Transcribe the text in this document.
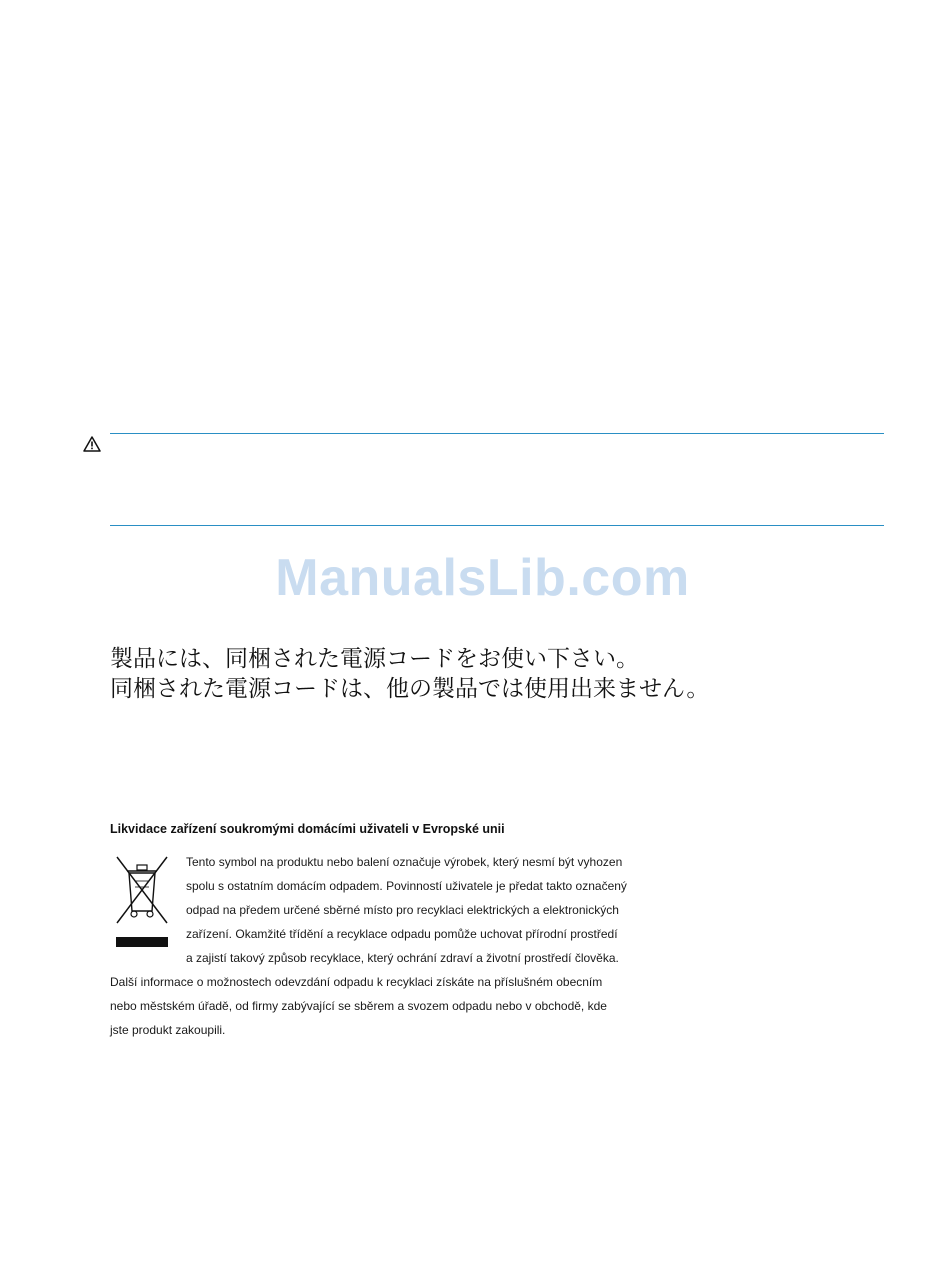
ManualsLib.com
製品には、同梱された電源コードをお使い下さい。
同梱された電源コードは、他の製品では使用出来ません。
Likvidace zařízení soukromými domácími uživateli v Evropské unii
Tento symbol na produktu nebo balení označuje výrobek, který nesmí být vyhozen
spolu s ostatním domácím odpadem. Povinností uživatele je předat takto označený
odpad na předem určené sběrné místo pro recyklaci elektrických a elektronických
zařízení. Okamžité třídění a recyklace odpadu pomůže uchovat přírodní prostředí
a zajistí takový způsob recyklace, který ochrání zdraví a životní prostředí člověka.
Další informace o možnostech odevzdání odpadu k recyklaci získáte na příslušném obecním
nebo městském úřadě, od firmy zabývající se sběrem a svozem odpadu nebo v obchodě, kde
jste produkt zakoupili.
